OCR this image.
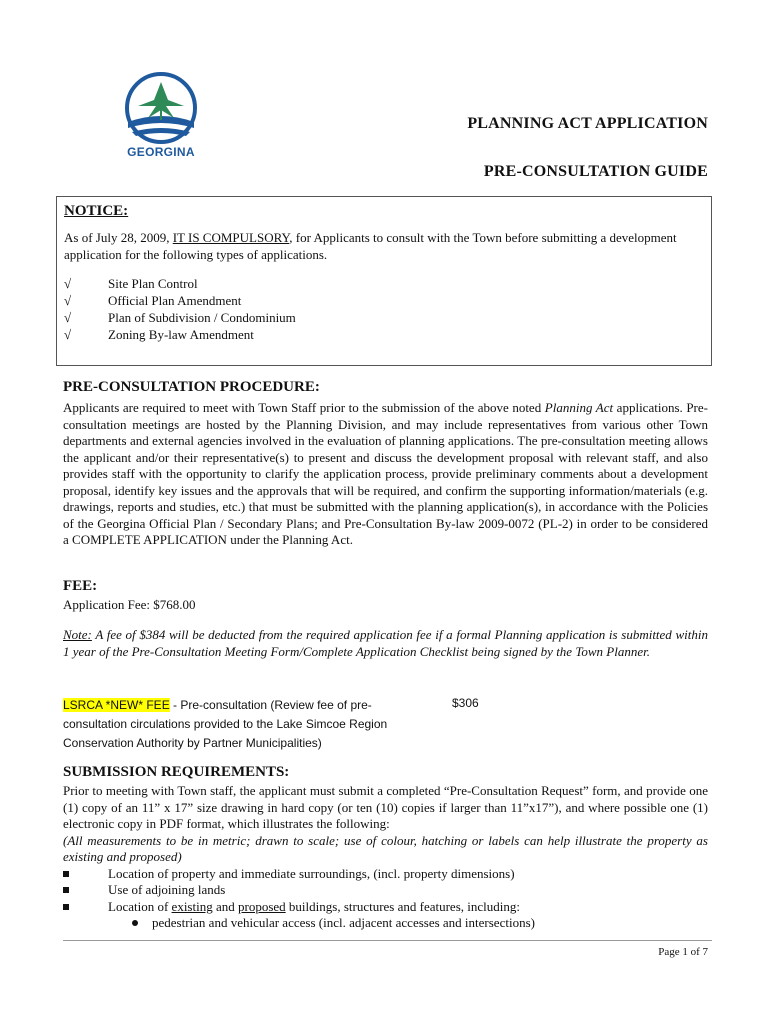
GEORGINA
PLANNING ACT APPLICATION
PRE-CONSULTATION GUIDE
NOTICE:
As of July 28, 2009, IT IS COMPULSORY, for Applicants to consult with the Town before submitting a development application for the following types of applications.
√	Site Plan Control
√	Official Plan Amendment
√	Plan of Subdivision / Condominium
√	Zoning By-law Amendment
PRE-CONSULTATION PROCEDURE:
Applicants are required to meet with Town Staff prior to the submission of the above noted Planning Act applications. Pre-consultation meetings are hosted by the Planning Division, and may include representatives from various other Town departments and external agencies involved in the evaluation of planning applications. The pre-consultation meeting allows the applicant and/or their representative(s) to present and discuss the development proposal with relevant staff, and also provides staff with the opportunity to clarify the application process, provide preliminary comments about a development proposal, identify key issues and the approvals that will be required, and confirm the supporting information/materials (e.g. drawings, reports and studies, etc.) that must be submitted with the planning application(s), in accordance with the Policies of the Georgina Official Plan / Secondary Plans; and Pre-Consultation By-law 2009-0072 (PL-2) in order to be considered a COMPLETE APPLICATION under the Planning Act.
FEE:
Application Fee: $768.00
Note: A fee of $384 will be deducted from the required application fee if a formal Planning application is submitted within 1 year of the Pre-Consultation Meeting Form/Complete Application Checklist being signed by the Town Planner.
LSRCA *NEW* FEE - Pre-consultation (Review fee of pre-consultation circulations provided to the Lake Simcoe Region Conservation Authority by Partner Municipalities)
$306
SUBMISSION REQUIREMENTS:
Prior to meeting with Town staff, the applicant must submit a completed “Pre-Consultation Request” form, and provide one (1) copy of an 11” x 17” size drawing in hard copy (or ten (10) copies if larger than 11”x17”), and where possible one (1) electronic copy in PDF format, which illustrates the following:
(All measurements to be in metric; drawn to scale; use of colour, hatching or labels can help illustrate the property as existing and proposed)
Location of property and immediate surroundings, (incl. property dimensions)
Use of adjoining lands
Location of existing and proposed buildings, structures and features, including:
pedestrian and vehicular access (incl. adjacent accesses and intersections)
Page 1 of 7
